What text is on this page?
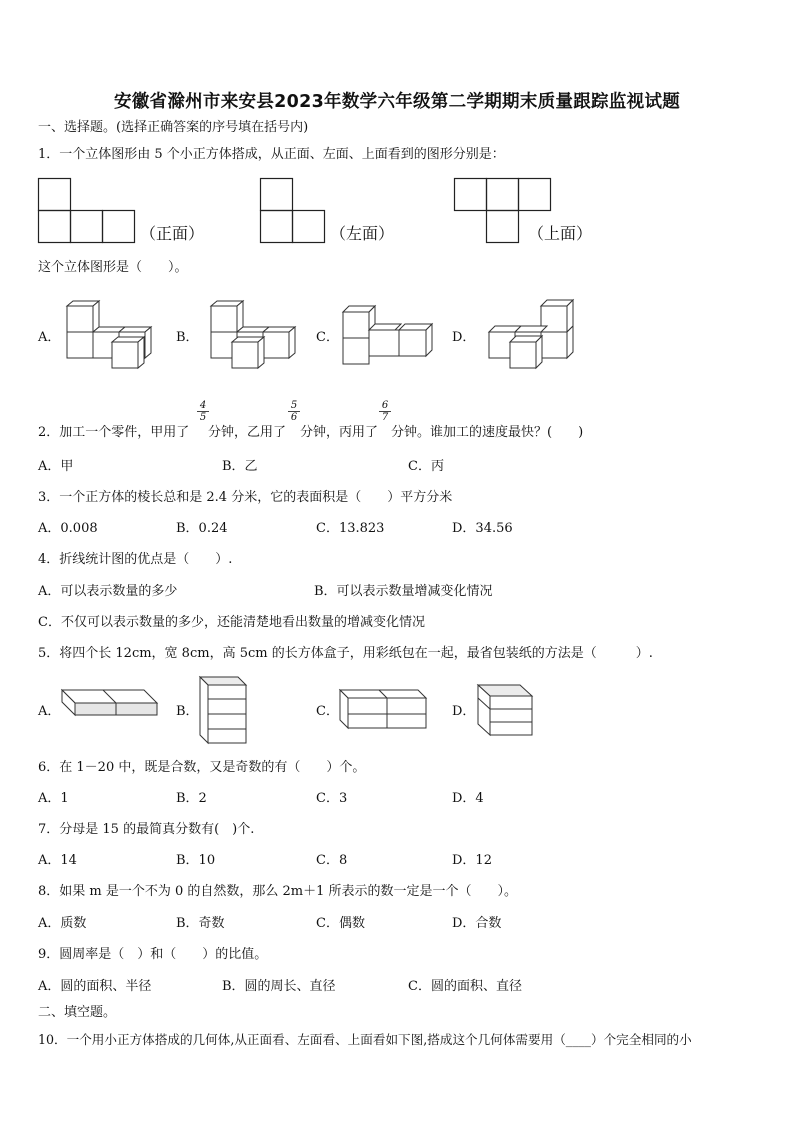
安徽省滁州市来安县2023年数学六年级第二学期期末质量跟踪监视试题
一、选择题。(选择正确答案的序号填在括号内)
1．一个立体图形由 5 个小正方体搭成，从正面、左面、上面看到的图形分别是：
（正面）	（左面）	（上面）
这个立体图形是（　　）。
A．	B．	C．	D．
2．加工一个零件，甲用了
$\frac{4}{5}$
分钟，乙用了
$\frac{5}{6}$
分钟，丙用了
$\frac{6}{7}$
分钟。谁加工的速度最快？(　　)
A．甲	B．乙	C．丙
3．一个正方体的棱长总和是 2.4 分米，它的表面积是（　　）平方分米
A．0.008	B．0.24	C．13.823	D．34.56
4．折线统计图的优点是（　　）.
A．可以表示数量的多少	B．可以表示数量增减变化情况
C．不仅可以表示数量的多少，还能清楚地看出数量的增减变化情况
5．将四个长 12cm，宽 8cm，高 5cm 的长方体盒子，用彩纸包在一起，最省包装纸的方法是（　　　）.
A．	B．	C．	D．
6．在 1－20 中，既是合数，又是奇数的有（　　）个。
A．1	B．2	C．3	D．4
7．分母是 15 的最简真分数有(　)个.
A．14	B．10	C．8	D．12
8．如果 m 是一个不为 0 的自然数，那么 2m＋1 所表示的数一定是一个（　　）。
A．质数	B．奇数	C．偶数	D．合数
9．圆周率是（　）和（　　）的比值。
A．圆的面积、半径	B．圆的周长、直径	C．圆的面积、直径
二、填空题。
10．一个用小正方体搭成的几何体,从正面看、左面看、上面看如下图,搭成这个几何体需要用（____）个完全相同的小
